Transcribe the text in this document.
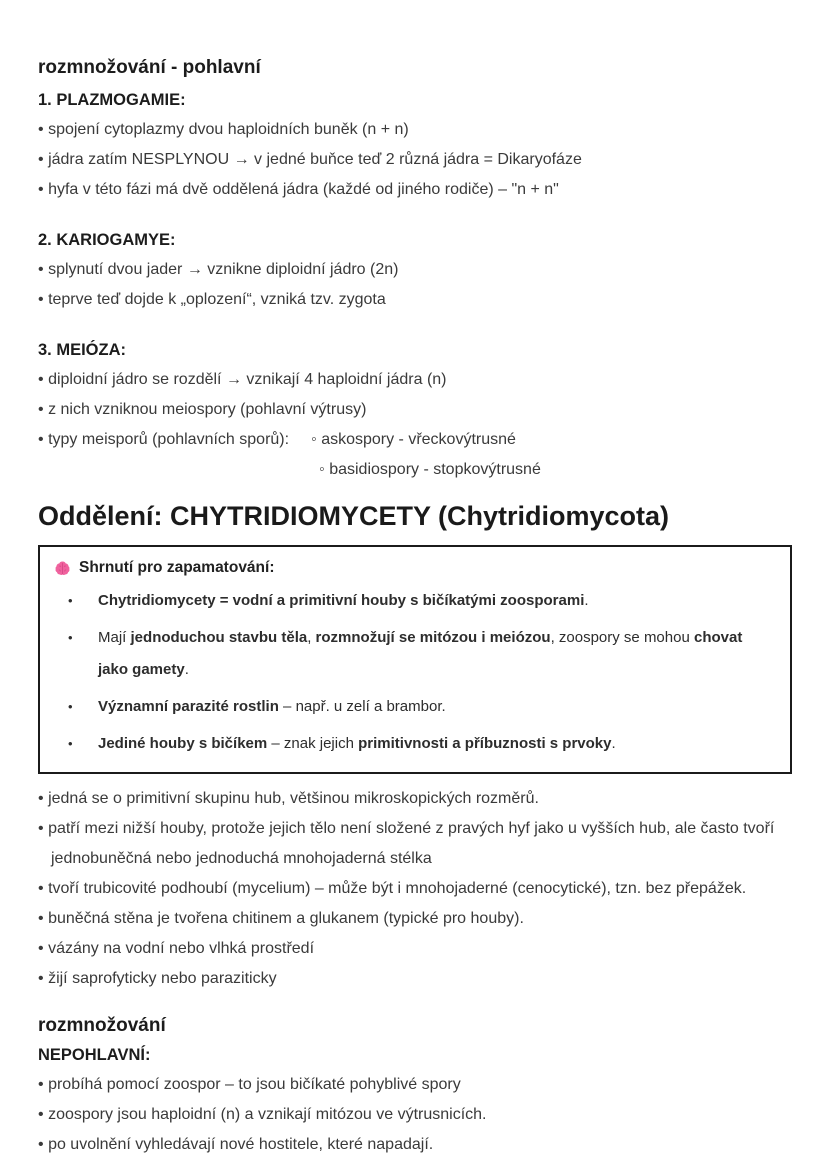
rozmnožování - pohlavní
1. PLAZMOGAMIE:
• spojení cytoplazmy dvou haploidních buněk (n + n)
• jádra zatím NESPLYNOU → v jedné buňce teď 2 různá jádra = Dikaryofáze
• hyfa v této fázi má dvě oddělená jádra (každé od jiného rodiče) – "n + n"
2. KARIOGAMYE:
• splynutí dvou jader → vznikne diploidní jádro (2n)
• teprve teď dojde k „oplození“, vzniká tzv. zygota
3. MEIÓZA:
• diploidní jádro se rozdělí → vznikají 4 haploidní jádra (n)
• z nich vzniknou meiospory (pohlavní výtrusy)
• typy meisporů (pohlavních sporů): ◦ askospory - vřeckovýtrusné
◦ basidiospory - stopkovýtrusné
Oddělení: CHYTRIDIOMYCETY (Chytridiomycota)
Shrnutí pro zapamatování:
• Chytridiomycety = vodní a primitivní houby s bičíkatými zoosporami.
• Mají jednoduchou stavbu těla, rozmnožují se mitózou i meiózou, zoospory se mohou chovat jako gamety.
• Významní parazité rostlin – např. u zelí a brambor.
• Jediné houby s bičíkem – znak jejich primitivnosti a příbuznosti s prvoky.
• jedná se o primitivní skupinu hub, většinou mikroskopických rozměrů.
• patří mezi nižší houby, protože jejich tělo není složené z pravých hyf jako u vyšších hub, ale často tvoří jednobuněčná nebo jednoduchá mnohojaderná stélka
• tvoří trubicovité podhoubí (mycelium) – může být i mnohojaderné (cenocytické), tzn. bez přepážek.
• buněčná stěna je tvořena chitinem a glukanem (typické pro houby).
• vázány na vodní nebo vlhká prostředí
• žijí saprofyticky nebo paraziticky
rozmnožování
NEPOHLAVNÍ:
• probíhá pomocí zoospor – to jsou bičíkaté pohyblivé spory
• zoospory jsou haploidní (n) a vznikají mitózou ve výtrusnicích.
• po uvolnění vyhledávají nové hostitele, které napadají.
